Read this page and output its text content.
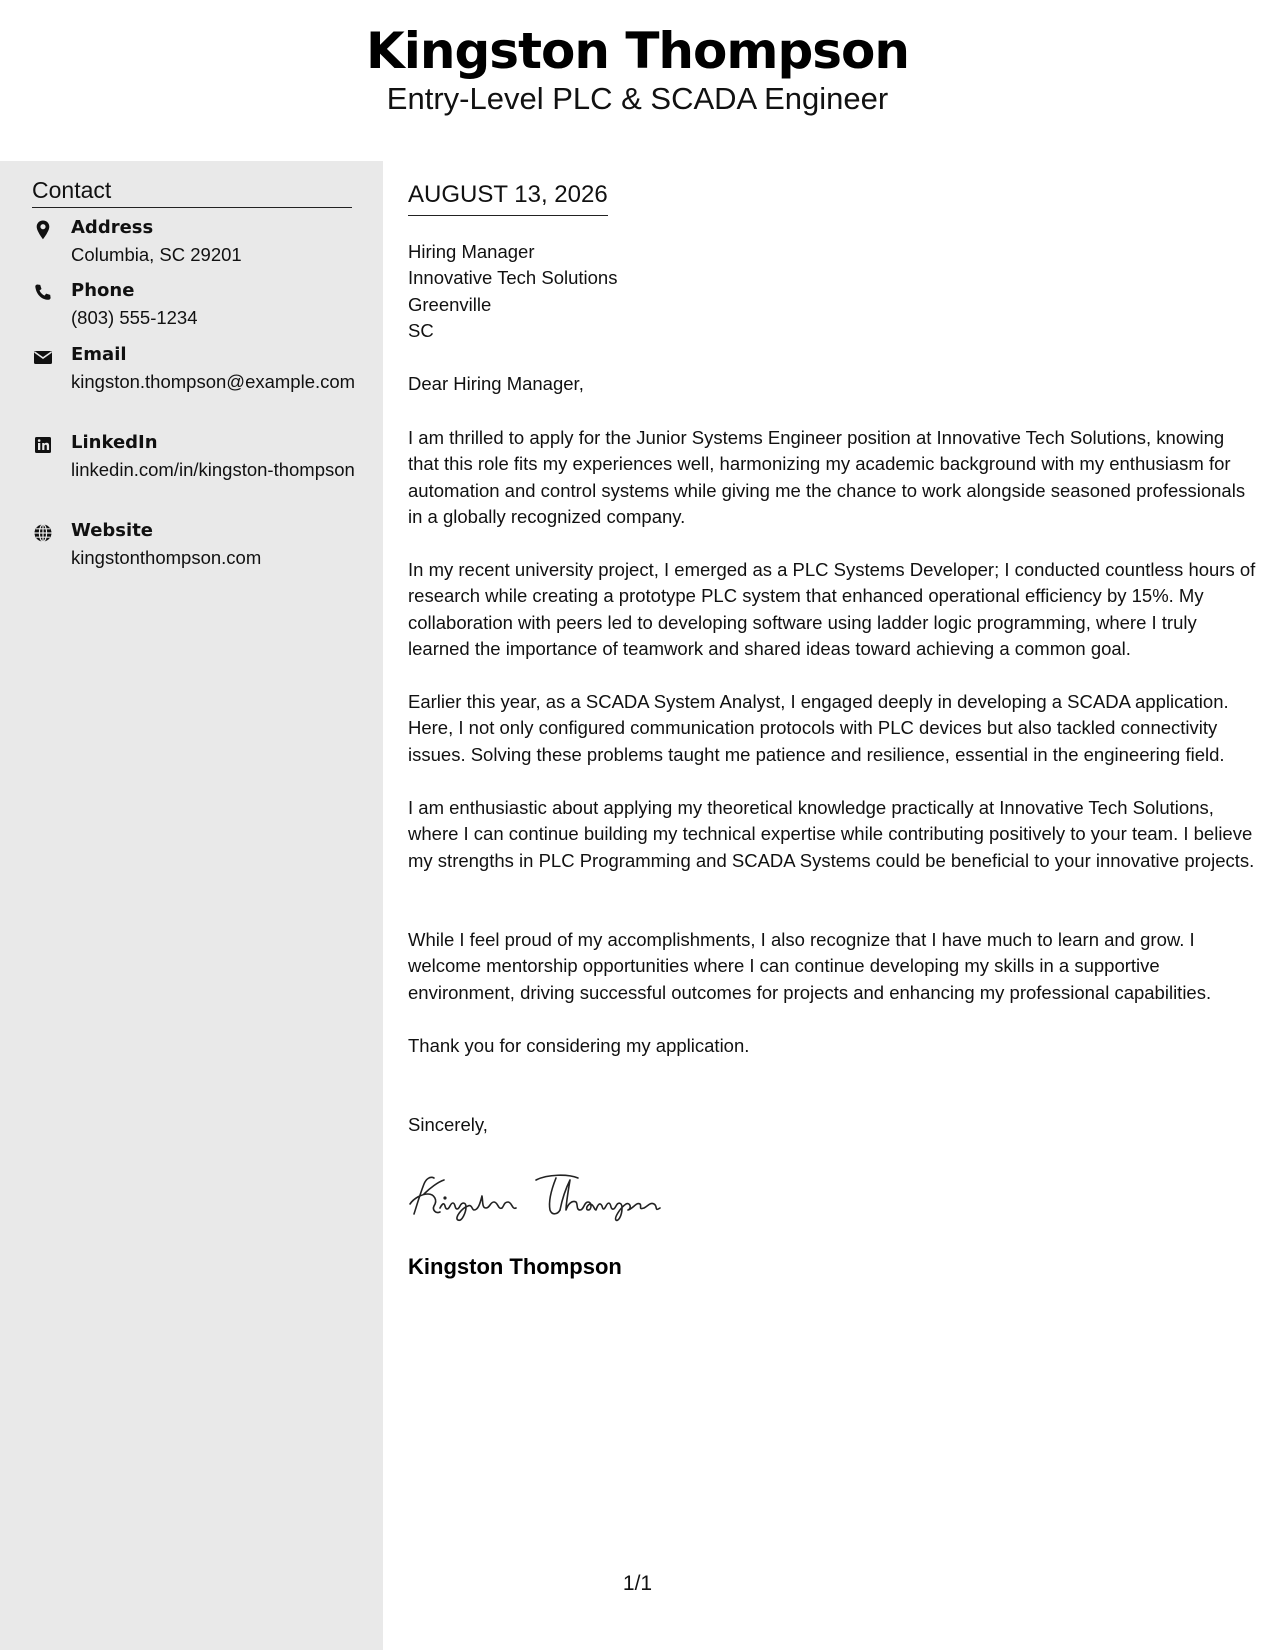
Kingston Thompson
Entry-Level PLC & SCADA Engineer
Contact
Address
Columbia, SC 29201
Phone
(803) 555-1234
Email
kingston.thompson@example.com
LinkedIn
linkedin.com/in/kingston-thompson
Website
kingstonthompson.com
AUGUST 13, 2026
Hiring Manager
Innovative Tech Solutions
Greenville
SC
Dear Hiring Manager,
I am thrilled to apply for the Junior Systems Engineer position at Innovative Tech Solutions, knowing that this role fits my experiences well, harmonizing my academic background with my enthusiasm for automation and control systems while giving me the chance to work alongside seasoned professionals in a globally recognized company.
In my recent university project, I emerged as a PLC Systems Developer; I conducted countless hours of research while creating a prototype PLC system that enhanced operational efficiency by 15%. My collaboration with peers led to developing software using ladder logic programming, where I truly learned the importance of teamwork and shared ideas toward achieving a common goal.
Earlier this year, as a SCADA System Analyst, I engaged deeply in developing a SCADA application. Here, I not only configured communication protocols with PLC devices but also tackled connectivity issues. Solving these problems taught me patience and resilience, essential in the engineering field.
I am enthusiastic about applying my theoretical knowledge practically at Innovative Tech Solutions, where I can continue building my technical expertise while contributing positively to your team. I believe my strengths in PLC Programming and SCADA Systems could be beneficial to your innovative projects.
While I feel proud of my accomplishments, I also recognize that I have much to learn and grow. I welcome mentorship opportunities where I can continue developing my skills in a supportive environment, driving successful outcomes for projects and enhancing my professional capabilities.
Thank you for considering my application.
Sincerely,
Kingston Thompson
1/1
